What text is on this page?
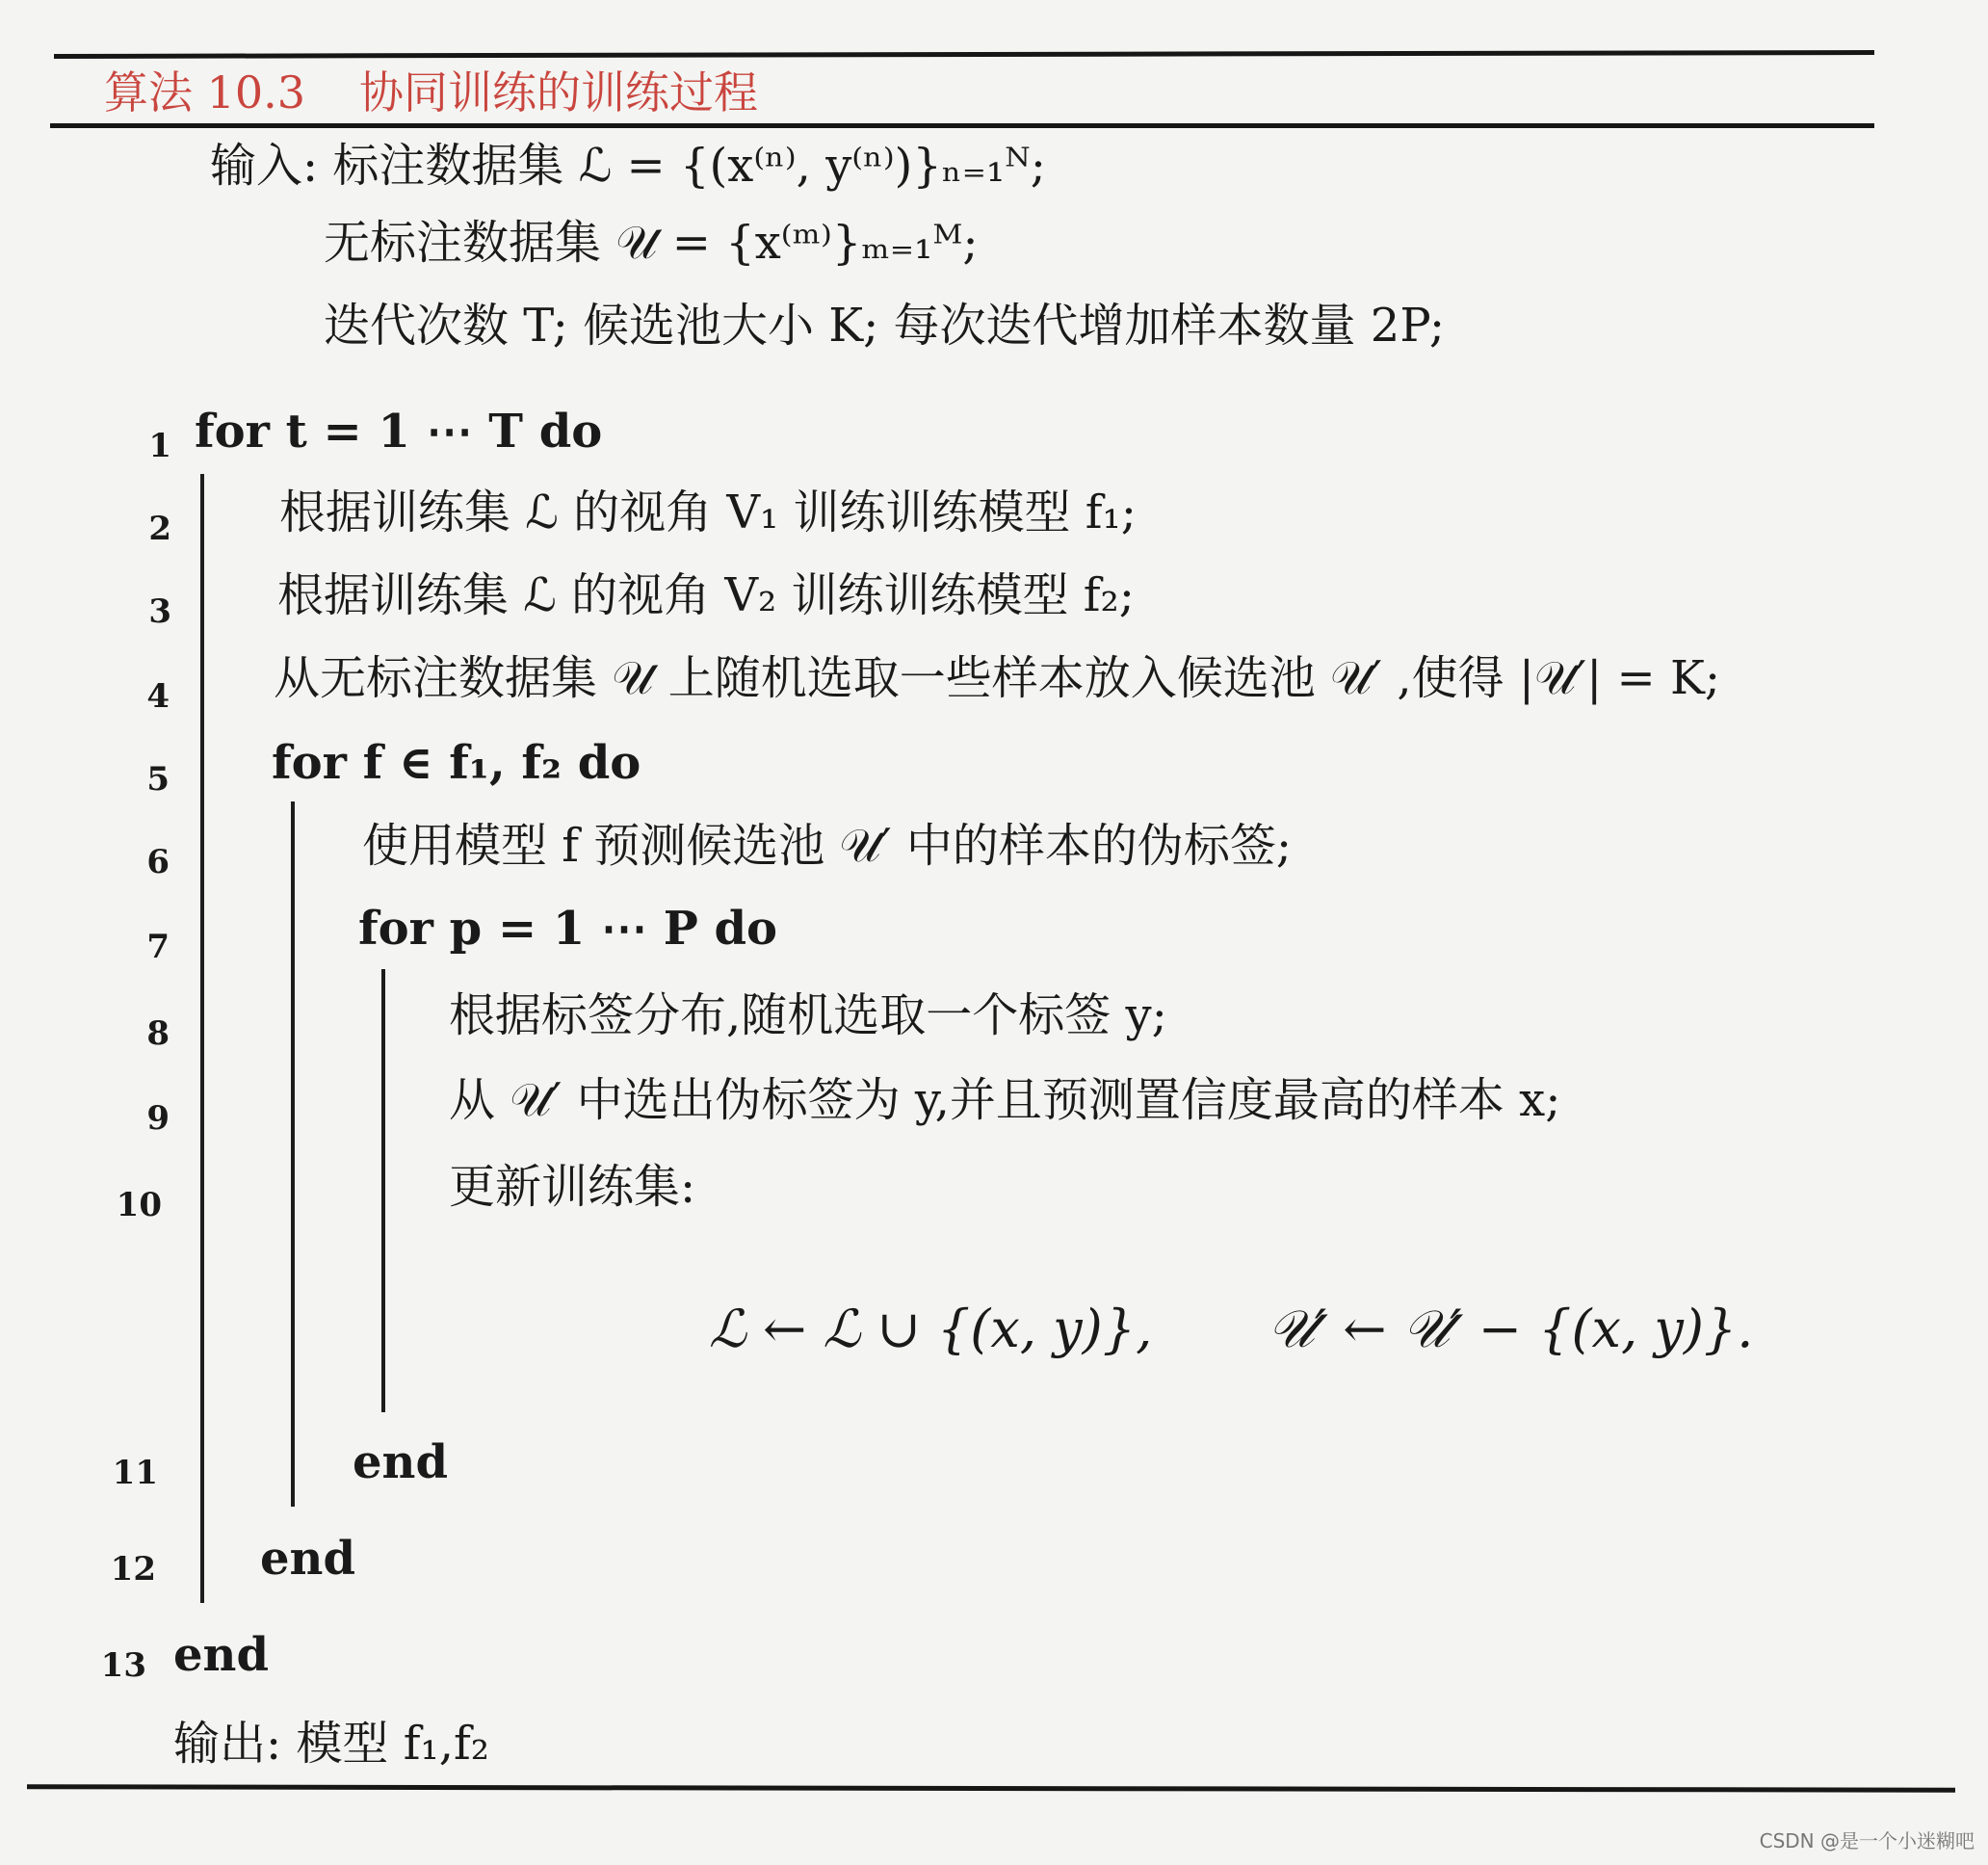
算法 10.3 协同训练的训练过程
输入: 标注数据集 ℒ = {(x⁽ⁿ⁾, y⁽ⁿ⁾)}ₙ₌₁ᴺ;
无标注数据集 𝒰 = {x⁽ᵐ⁾}ₘ₌₁ᴹ;
迭代次数 T; 候选池大小 K; 每次迭代增加样本数量 2P;
1
2
3
4
5
6
7
8
9
10
11
12
13
for t = 1 ⋯ T do
根据训练集 ℒ 的视角 V₁ 训练训练模型 f₁;
根据训练集 ℒ 的视角 V₂ 训练训练模型 f₂;
从无标注数据集 𝒰 上随机选取一些样本放入候选池 𝒰′ ,使得 |𝒰′| = K;
for f ∈ f₁, f₂ do
使用模型 f 预测候选池 𝒰′ 中的样本的伪标签;
for p = 1 ⋯ P do
根据标签分布,随机选取一个标签 y;
从 𝒰′ 中选出伪标签为 y,并且预测置信度最高的样本 x;
更新训练集:
ℒ ← ℒ ∪ {(x, y)}, 𝒰′ ← 𝒰′ − {(x, y)}.
end
end
end
输出: 模型 f₁,f₂
CSDN @是一个小迷糊吧
